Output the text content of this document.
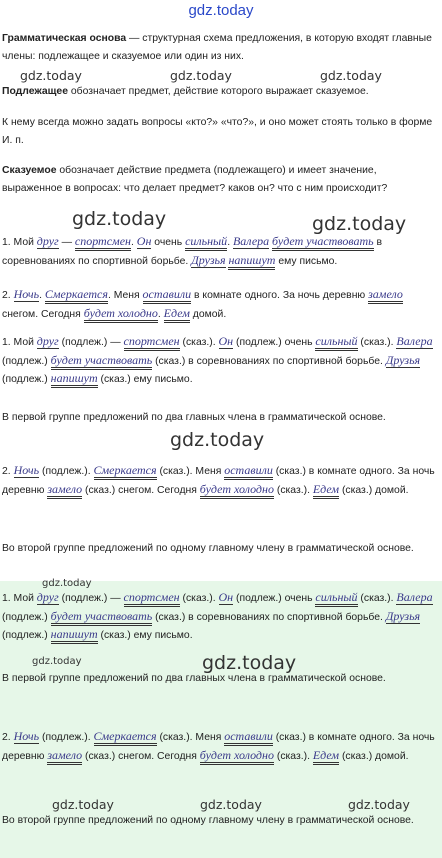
gdz.today
Грамматическая основа — структурная схема предложения, в которую входят главные члены: подлежащее и сказуемое или один из них.
Подлежащее обозначает предмет, действие которого выражает сказуемое.
К нему всегда можно задать вопросы «кто?» «что?», и оно может стоять только в форме И. п.
Сказуемое обозначает действие предмета (подлежащего) и имеет значение, выраженное в вопросах: что делает предмет? каков он? что с ним происходит?
1. Мой друг — спортсмен. Он очень сильный. Валера будет участвовать в соревнованиях по спортивной борьбе. Друзья напишут ему письмо.
2. Ночь. Смеркается. Меня оставили в комнате одного. За ночь деревню замело снегом. Сегодня будет холодно. Едем домой.
1. Мой друг (подлеж.) — спортсмен (сказ.). Он (подлеж.) очень сильный (сказ.). Валера (подлеж.) будет участвовать (сказ.) в соревнованиях по спортивной борьбе. Друзья (подлеж.) напишут (сказ.) ему письмо.
В первой группе предложений по два главных члена в грамматической основе.
2. Ночь (подлеж.). Смеркается (сказ.). Меня оставили (сказ.) в комнате одного. За ночь деревню замело (сказ.) снегом. Сегодня будет холодно (сказ.). Едем (сказ.) домой.
Во второй группе предложений по одному главному члену в грамматической основе.
1. Мой друг (подлеж.) — спортсмен (сказ.). Он (подлеж.) очень сильный (сказ.). Валера (подлеж.) будет участвовать (сказ.) в соревнованиях по спортивной борьбе. Друзья (подлеж.) напишут (сказ.) ему письмо.
В первой группе предложений по два главных члена в грамматической основе.
2. Ночь (подлеж.). Смеркается (сказ.). Меня оставили (сказ.) в комнате одного. За ночь деревню замело (сказ.) снегом. Сегодня будет холодно (сказ.). Едем (сказ.) домой.
Во второй группе предложений по одному главному члену в грамматической основе.
gdz.today	gdz.today	gdz.today
gdz.today	gdz.today
gdz.today
gdz.today
gdz.today	gdz.today
gdz.today	gdz.today	gdz.today
